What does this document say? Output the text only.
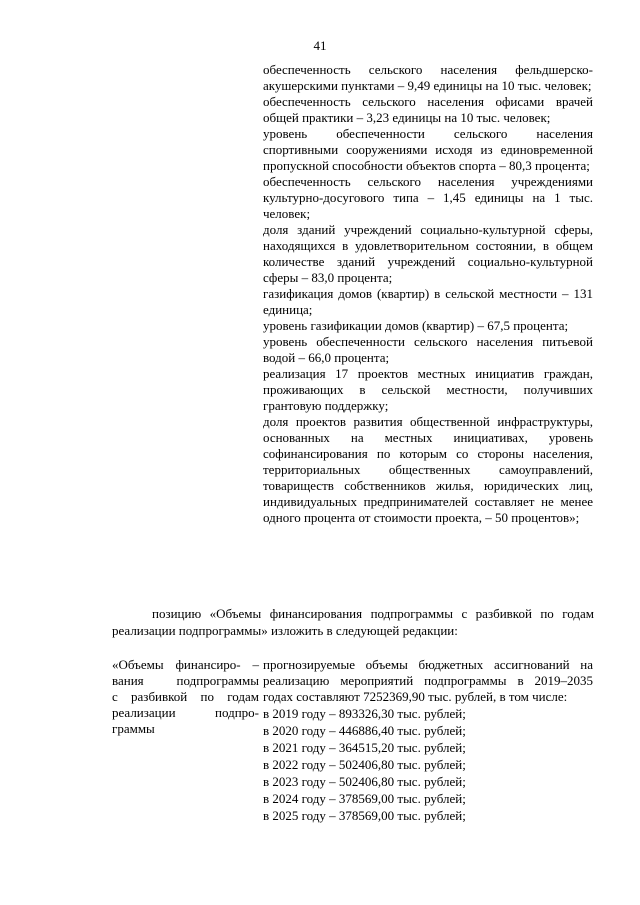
41

обеспеченность сельского населения фельдшерско-акушерскими пунктами – 9,49 единицы на 10 тыс. человек;

обеспеченность сельского населения офисами врачей общей практики – 3,23 единицы на 10 тыс. человек;

уровень обеспеченности сельского населения спортивными сооружениями исходя из единовременной пропускной способности объектов спорта – 80,3 процента;

обеспеченность сельского населения учреждениями культурно-досугового типа – 1,45 единицы на 1 тыс. человек;

доля зданий учреждений социально-культурной сферы, находящихся в удовлетворительном состоянии, в общем количестве зданий учреждений социально-культурной сферы – 83,0 процента;

газификация домов (квартир) в сельской местности – 131 единица;

уровень газификации домов (квартир) – 67,5 процента;

уровень обеспеченности сельского населения питьевой водой – 66,0 процента;

реализация 17 проектов местных инициатив граждан, проживающих в сельской местности, получивших грантовую поддержку;

доля проектов развития общественной инфраструктуры, основанных на местных инициативах, уровень софинансирования по которым со стороны населения, территориальных общественных самоуправлений, товариществ собственников жилья, юридических лиц, индивидуальных предпринимателей составляет не менее одного процента от стоимости проекта, – 50 процентов»;

позицию «Объемы финансирования подпрограммы с разбивкой по годам реализации подпрограммы» изложить в следующей редакции:

«Объемы финансиро- –
вания подпрограммы
с разбивкой по годам
реализации подпро-
граммы

прогнозируемые объемы бюджетных ассигнований на реализацию мероприятий подпрограммы в 2019–2035 годах составляют 7252369,90 тыс. рублей, в том числе:

в 2019 году – 893326,30 тыс. рублей;

в 2020 году – 446886,40 тыс. рублей;

в 2021 году – 364515,20 тыс. рублей;

в 2022 году – 502406,80 тыс. рублей;

в 2023 году – 502406,80 тыс. рублей;

в 2024 году – 378569,00 тыс. рублей;

в 2025 году – 378569,00 тыс. рублей;
